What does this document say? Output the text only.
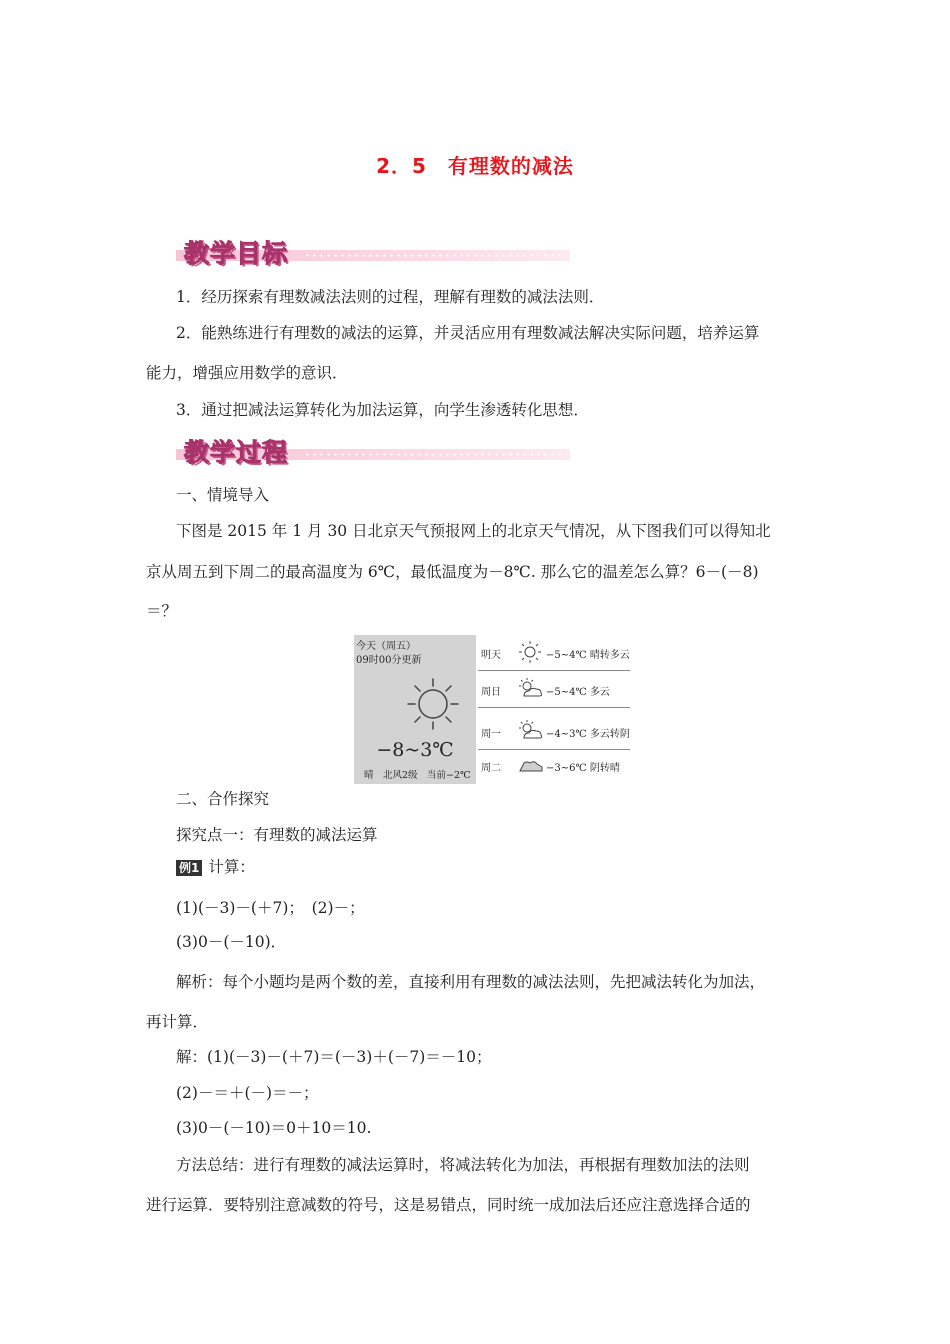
2．5　有理数的减法
教学目标
1．经历探索有理数减法法则的过程，理解有理数的减法法则．
2．能熟练进行有理数的减法的运算，并灵活应用有理数减法解决实际问题，培养运算
能力，增强应用数学的意识．
3．通过把减法运算转化为加法运算，向学生渗透转化思想．
教学过程
一、情境导入
下图是 2015 年 1 月 30 日北京天气预报网上的北京天气情况，从下图我们可以得知北
京从周五到下周二的最高温度为 6℃，最低温度为－8℃. 那么它的温差怎么算？6－(－8)
＝？
今天（周五）
09时00分更新
−8~3℃
晴　北风2级　当前−2℃
明天	−5~4℃ 晴转多云
周日	−5~4℃ 多云
周一	−4~3℃ 多云转阴
周二	−3~6℃ 阴转晴
二、合作探究
探究点一：有理数的减法运算
例1 计算：
(1)(－3)－(＋7)；　(2)－；
(3)0－(－10)．
解析：每个小题均是两个数的差，直接利用有理数的减法法则，先把减法转化为加法，
再计算．
解：(1)(－3)－(＋7)＝(－3)＋(－7)＝－10；
(2)－＝＋(－)＝－；
(3)0－(－10)＝0＋10＝10.
方法总结：进行有理数的减法运算时，将减法转化为加法，再根据有理数加法的法则
进行运算．要特别注意减数的符号，这是易错点，同时统一成加法后还应注意选择合适的
